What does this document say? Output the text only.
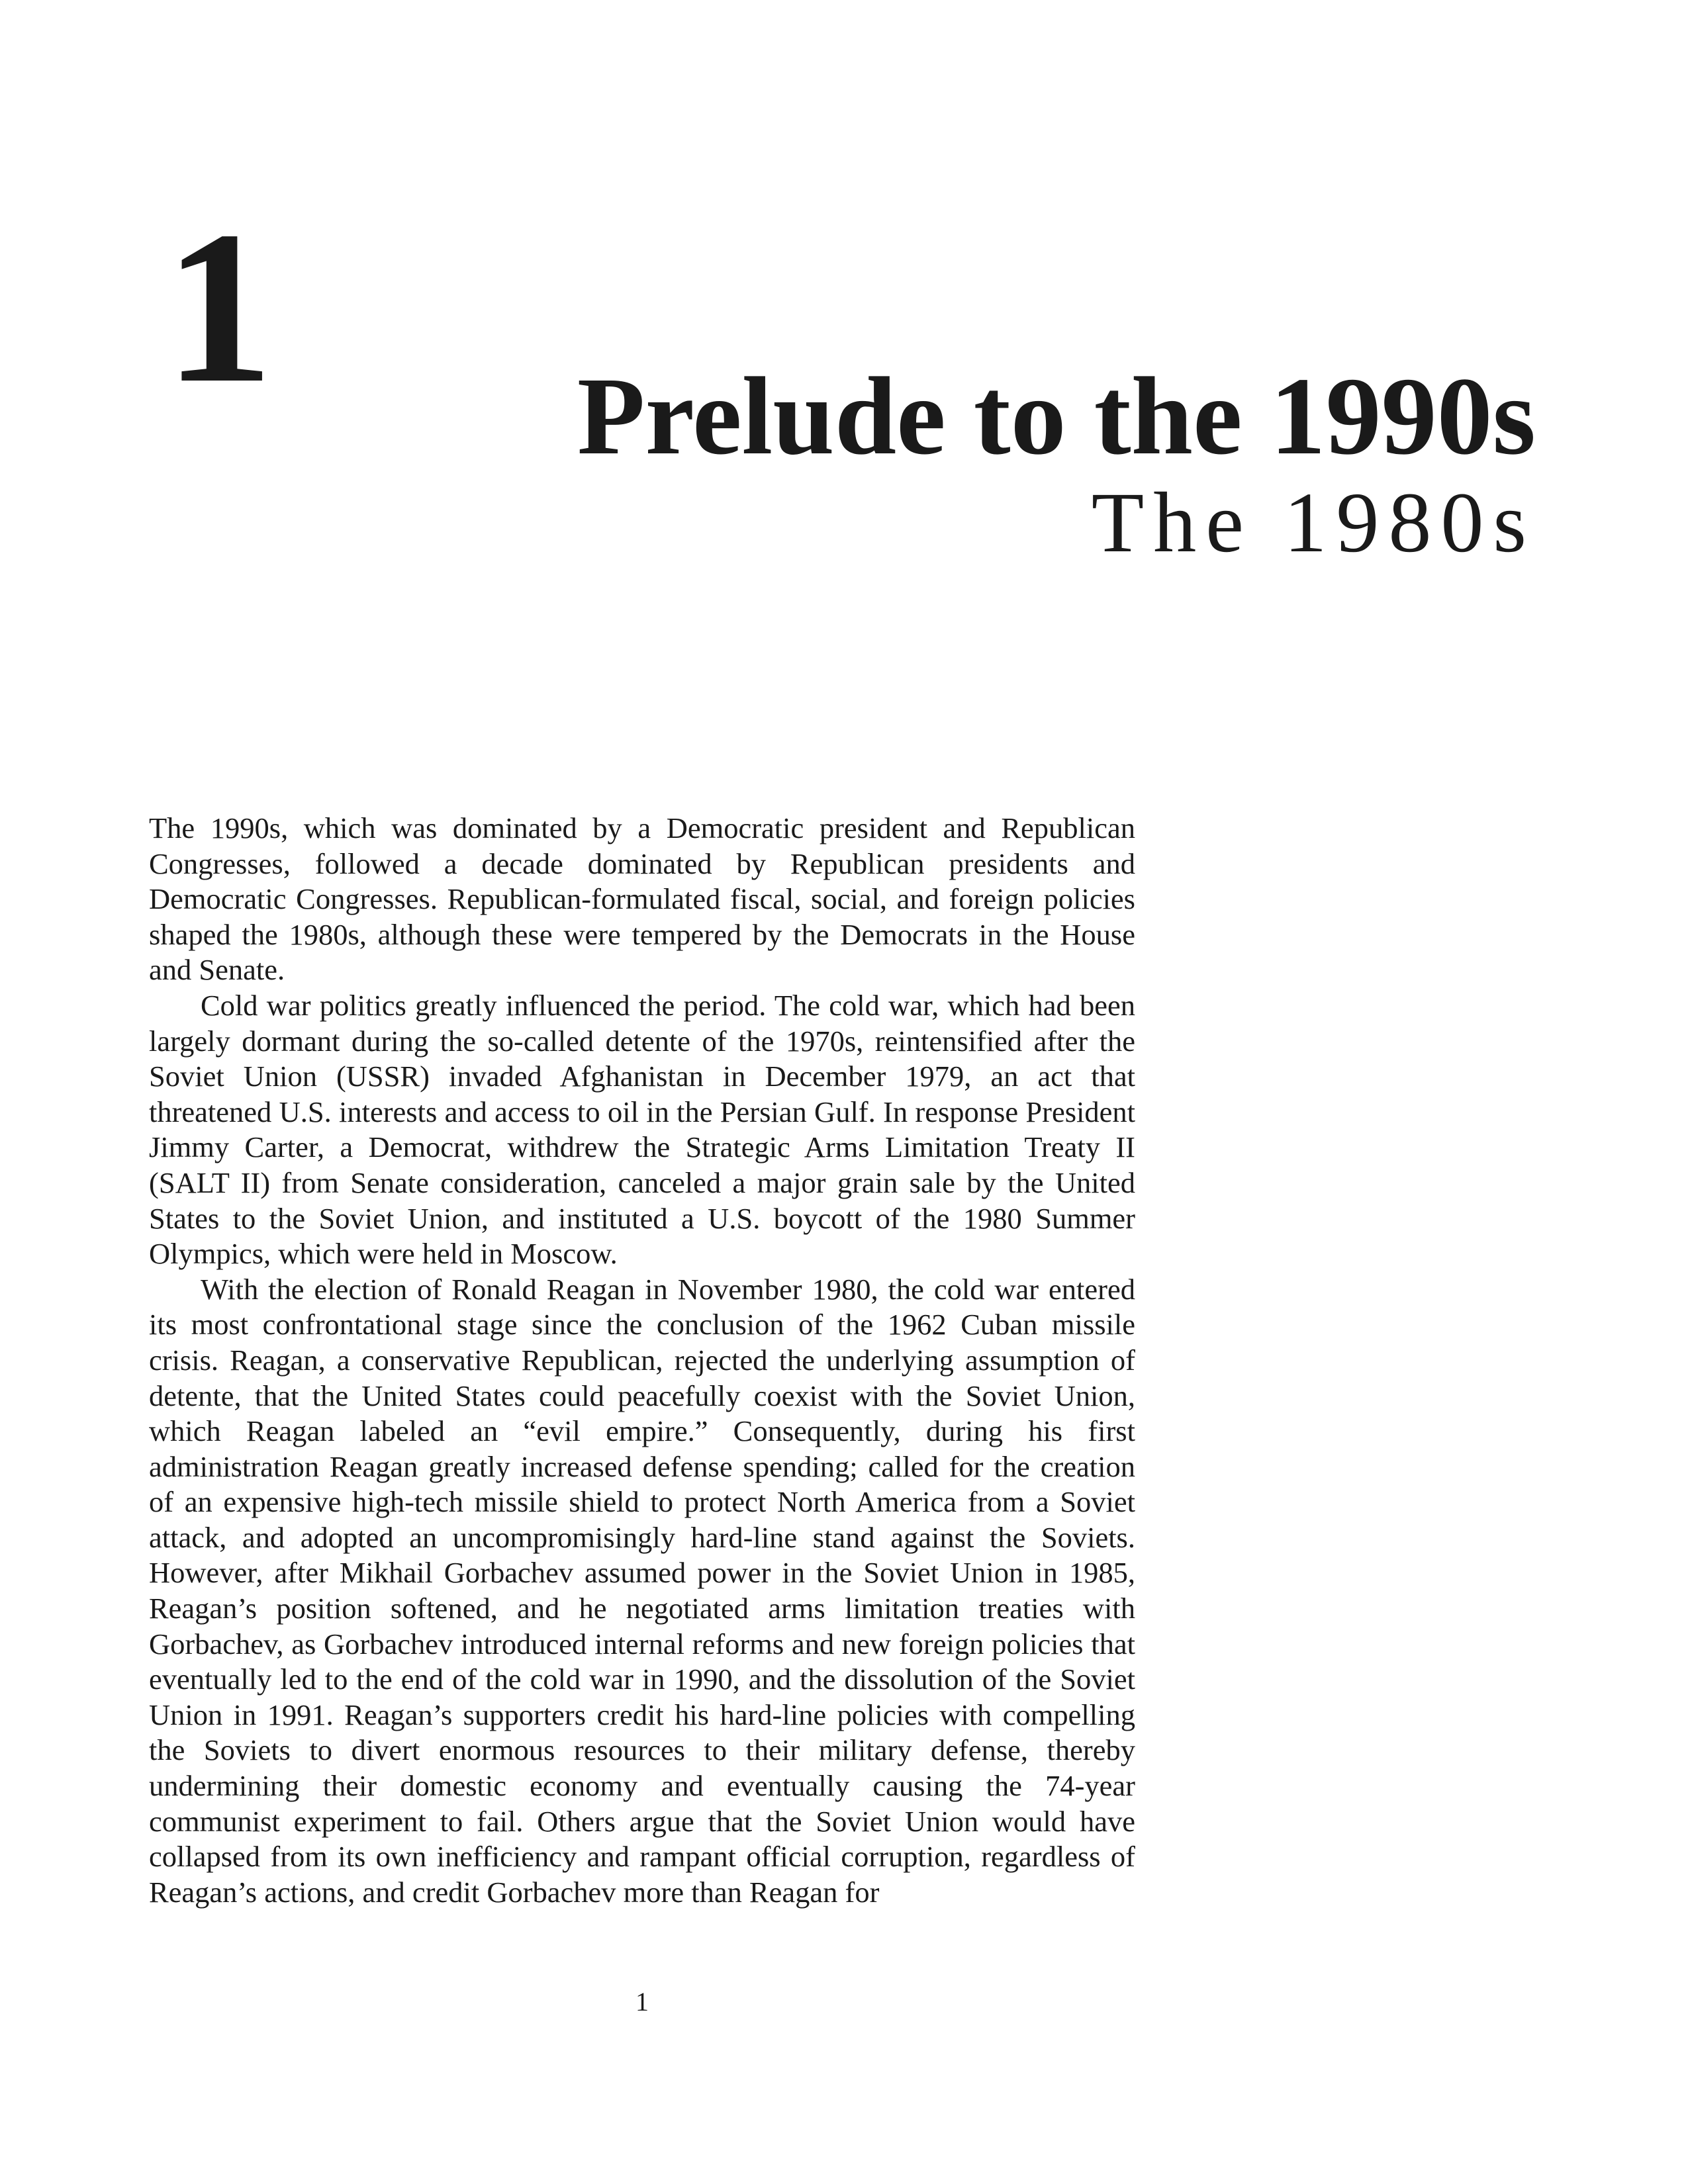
1	Prelude to the 1990s
The 1980s

The 1990s, which was dominated by a Democratic president and Republican Congresses, followed a decade dominated by Republican presidents and Democratic Congresses. Republican-formulated fiscal, social, and foreign policies shaped the 1980s, although these were tempered by the Democrats in the House and Senate.

Cold war politics greatly influenced the period. The cold war, which had been largely dormant during the so-called detente of the 1970s, reintensified after the Soviet Union (USSR) invaded Afghanistan in December 1979, an act that threatened U.S. interests and access to oil in the Persian Gulf. In response President Jimmy Carter, a Democrat, withdrew the Strategic Arms Limitation Treaty II (SALT II) from Senate consideration, canceled a major grain sale by the United States to the Soviet Union, and instituted a U.S. boycott of the 1980 Summer Olympics, which were held in Moscow.

With the election of Ronald Reagan in November 1980, the cold war entered its most confrontational stage since the conclusion of the 1962 Cuban missile crisis. Reagan, a conservative Republican, rejected the underlying assumption of detente, that the United States could peacefully coexist with the Soviet Union, which Reagan labeled an “evil empire.” Consequently, during his first administration Reagan greatly increased defense spending; called for the creation of an expensive high-tech missile shield to protect North America from a Soviet attack, and adopted an uncompromisingly hard-line stand against the Soviets. However, after Mikhail Gorbachev assumed power in the Soviet Union in 1985, Reagan’s position softened, and he negotiated arms limitation treaties with Gorbachev, as Gorbachev introduced internal reforms and new foreign policies that eventually led to the end of the cold war in 1990, and the dissolution of the Soviet Union in 1991. Reagan’s supporters credit his hard-line policies with compelling the Soviets to divert enormous resources to their military defense, thereby undermining their domestic economy and eventually causing the 74-year communist experiment to fail. Others argue that the Soviet Union would have collapsed from its own inefficiency and rampant official corruption, regardless of Reagan’s actions, and credit Gorbachev more than Reagan for

1
